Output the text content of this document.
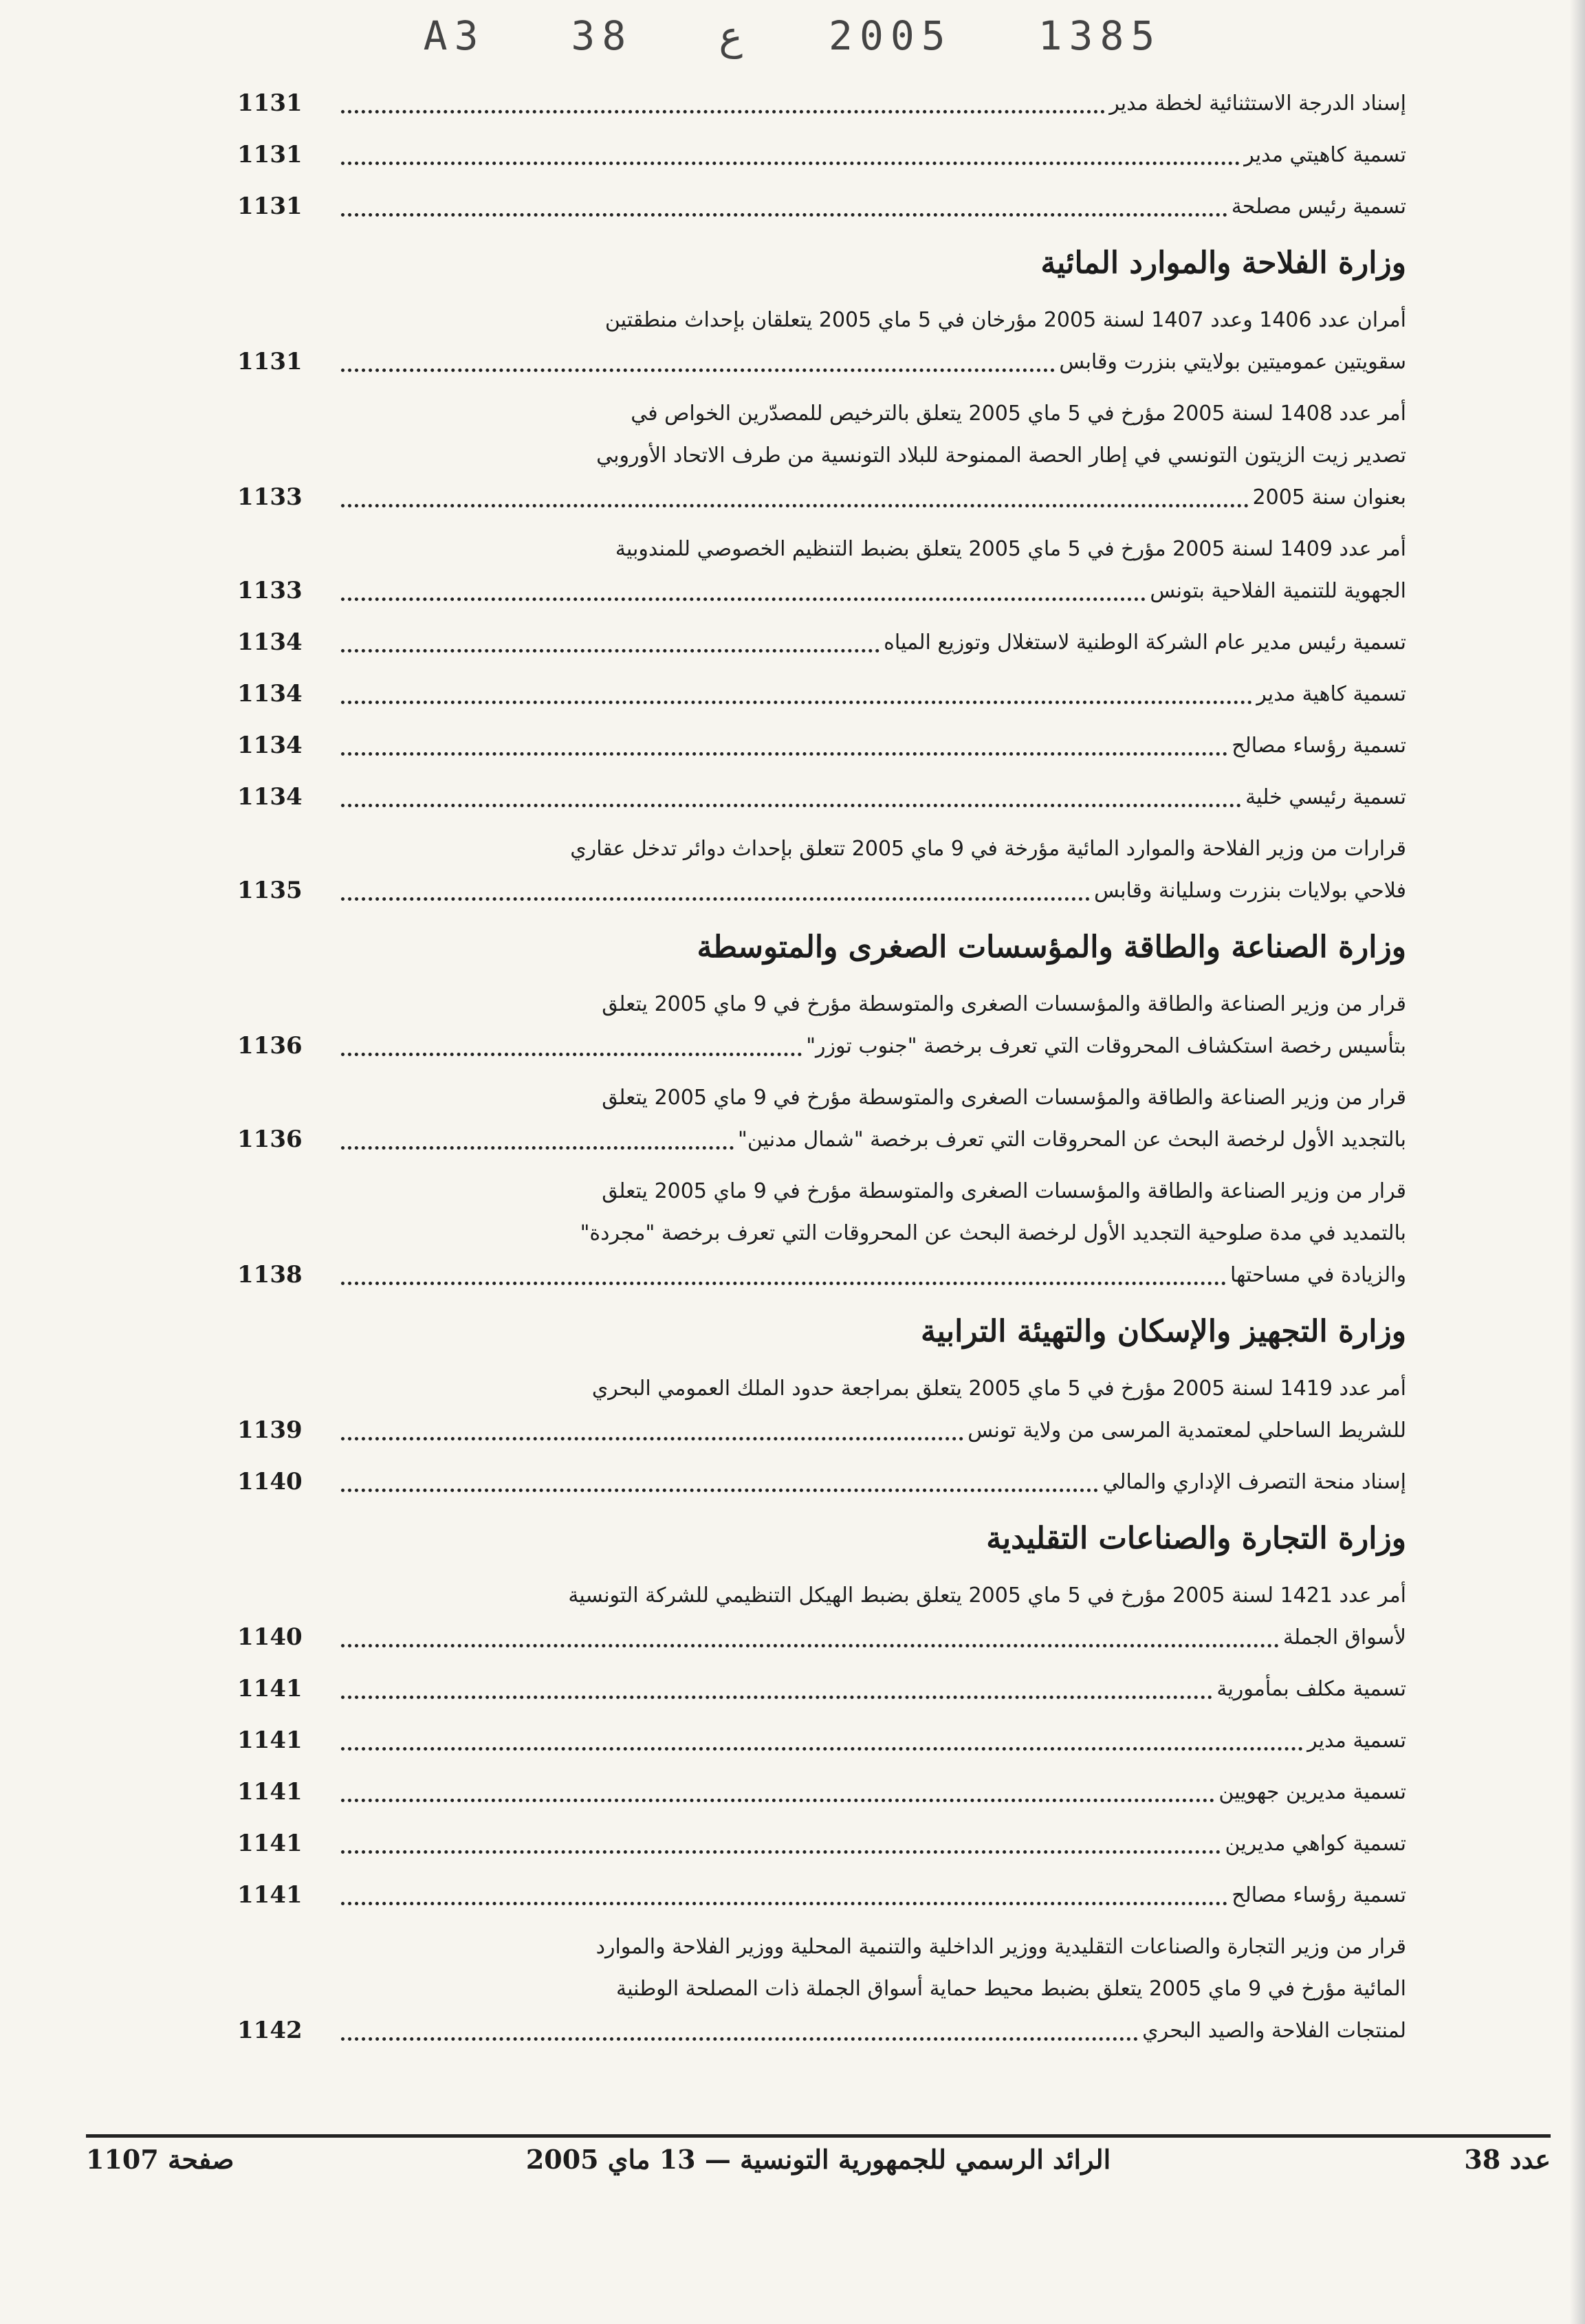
A3 38 ع 2005 1385
إسناد الدرجة الاستثنائية لخطة مدير
1131
تسمية كاهيتي مدير
1131
تسمية رئيس مصلحة
1131
وزارة الفلاحة والموارد المائية
أمران عدد 1406 وعدد 1407 لسنة 2005 مؤرخان في 5 ماي 2005 يتعلقان بإحداث منطقتين
سقويتين عموميتين بولايتي بنزرت وقابس
1131
أمر عدد 1408 لسنة 2005 مؤرخ في 5 ماي 2005 يتعلق بالترخيص للمصدّرين الخواص في
تصدير زيت الزيتون التونسي في إطار الحصة الممنوحة للبلاد التونسية من طرف الاتحاد الأوروبي
بعنوان سنة 2005
1133
أمر عدد 1409 لسنة 2005 مؤرخ في 5 ماي 2005 يتعلق بضبط التنظيم الخصوصي للمندوبية
الجهوية للتنمية الفلاحية بتونس
1133
تسمية رئيس مدير عام الشركة الوطنية لاستغلال وتوزيع المياه
1134
تسمية كاهية مدير
1134
تسمية رؤساء مصالح
1134
تسمية رئيسي خلية
1134
قرارات من وزير الفلاحة والموارد المائية مؤرخة في 9 ماي 2005 تتعلق بإحداث دوائر تدخل عقاري
فلاحي بولايات بنزرت وسليانة وقابس
1135
وزارة الصناعة والطاقة والمؤسسات الصغرى والمتوسطة
قرار من وزير الصناعة والطاقة والمؤسسات الصغرى والمتوسطة مؤرخ في 9 ماي 2005 يتعلق
بتأسيس رخصة استكشاف المحروقات التي تعرف برخصة "جنوب توزر"
1136
قرار من وزير الصناعة والطاقة والمؤسسات الصغرى والمتوسطة مؤرخ في 9 ماي 2005 يتعلق
بالتجديد الأول لرخصة البحث عن المحروقات التي تعرف برخصة "شمال مدنين"
1136
قرار من وزير الصناعة والطاقة والمؤسسات الصغرى والمتوسطة مؤرخ في 9 ماي 2005 يتعلق
بالتمديد في مدة صلوحية التجديد الأول لرخصة البحث عن المحروقات التي تعرف برخصة "مجردة"
والزيادة في مساحتها
1138
وزارة التجهيز والإسكان والتهيئة الترابية
أمر عدد 1419 لسنة 2005 مؤرخ في 5 ماي 2005 يتعلق بمراجعة حدود الملك العمومي البحري
للشريط الساحلي لمعتمدية المرسى من ولاية تونس
1139
إسناد منحة التصرف الإداري والمالي
1140
وزارة التجارة والصناعات التقليدية
أمر عدد 1421 لسنة 2005 مؤرخ في 5 ماي 2005 يتعلق بضبط الهيكل التنظيمي للشركة التونسية
لأسواق الجملة
1140
تسمية مكلف بمأمورية
1141
تسمية مدير
1141
تسمية مديرين جهويين
1141
تسمية كواهي مديرين
1141
تسمية رؤساء مصالح
1141
قرار من وزير التجارة والصناعات التقليدية ووزير الداخلية والتنمية المحلية ووزير الفلاحة والموارد
المائية مؤرخ في 9 ماي 2005 يتعلق بضبط محيط حماية أسواق الجملة ذات المصلحة الوطنية
لمنتجات الفلاحة والصيد البحري
1142
صفحة 1107	الرائد الرسمي للجمهورية التونسية — 13 ماي 2005	عدد 38
